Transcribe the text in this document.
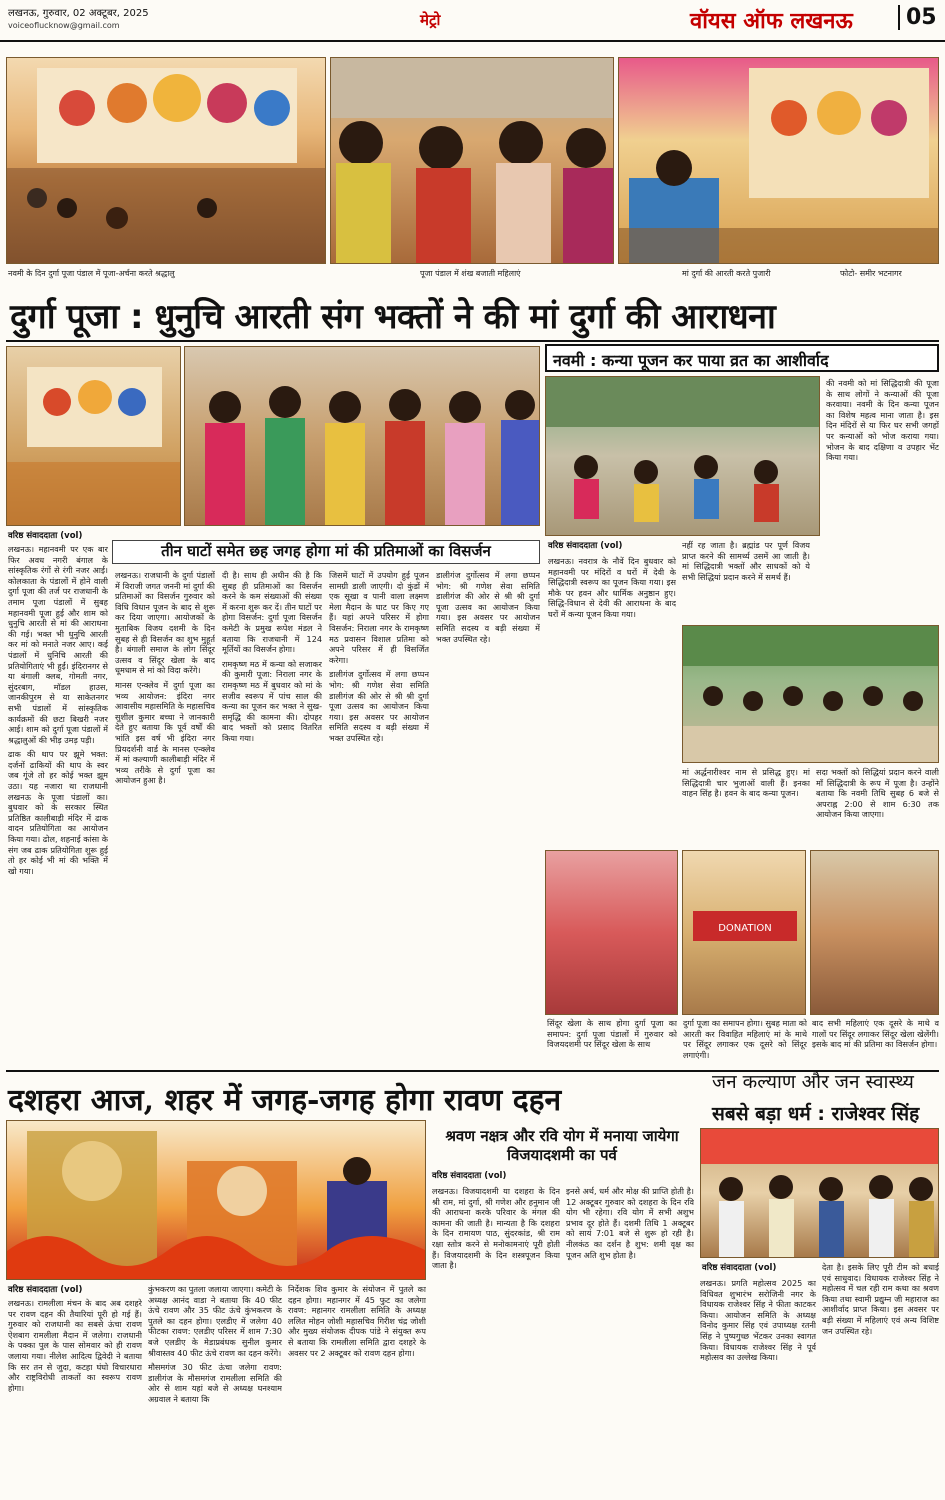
लखनऊ, गुरुवार, 02 अक्टूबर, 2025
voiceoflucknow@gmail.com	मेट्रो	वॉयस ऑफ लखनऊ	05
नवमी के दिन दुर्गा पूजा पंडाल में पूजा-अर्चना करते श्रद्धालु	पूजा पंडाल में शंख बजाती महिलाएं	मां दुर्गा की आरती करते पुजारी	फोटो- समीर भटनागर
दुर्गा पूजा : धुनुचि आरती संग भक्तों ने की मां दुर्गा की आराधना
वरिष्ठ संवाददाता (vol)
तीन घाटों समेत छह जगह होगा मां की प्रतिमाओं का विसर्जन

लखनऊ। महानवमी पर एक बार फिर अवध नगरी बंगाल के सांस्कृतिक रंगों से रंगी नजर आई। कोलकाता के पंडालों में होने वाली दुर्गा पूजा की तर्ज पर राजधानी के तमाम पूजा पंडालों में सुबह महानवमी पूजा हुई और शाम को धुनुचि आरती से मां की आराधना की गई। भक्त भी धुनुचि आरती कर मां को मनाते नजर आए। कई पंडालों में धुनिचि आरती की प्रतियोगिताएं भी हुईं। इंदिरानगर से या बंगाली क्लब, गोमती नगर, सुंदरबाग, मॉडल हाउस, जानकीपुरम से या साकेतनगर सभी पंडालों में सांस्कृतिक कार्यक्रमों की छटा बिखरी नजर आई। शाम को दुर्गा पूजा पंडालों में श्रद्धालुओं की भीड़ उमड़ पड़ी।

ढाक की थाप पर झूमे भक्त: दर्जनों ढाकियों की थाप के स्वर जब गूंजे तो हर कोई भक्त झूम उठा। यह नजारा था राजधानी लखनऊ के पूजा पंडालों का। बुधवार को के सरकार स्थित प्रतिष्ठित कालीबाड़ी मंदिर में ढाक वादन प्रतियोगिता का आयोजन किया गया। ढोल, शहनाई कांसा के संग जब ढाक प्रतियोगिता शुरू हुई तो हर कोई भी मां की भक्ति में खो गया।

लखनऊ। राजधानी के दुर्गा पंडालों में विराजी जगत जननी मां दुर्गा की प्रतिमाओं का विसर्जन गुरुवार को विधि विधान पूजन के बाद से शुरू कर दिया जाएगा। आयोजकों के मुताबिक विजय दशमी के दिन सुबह से ही विसर्जन का शुभ मुहूर्त है। बंगाली समाज के लोग सिंदूर उत्सव व सिंदूर खेला के बाद धूमधाम से मां को विदा करेंगे।

मानस एन्क्लेव में दुर्गा पूजा का भव्य आयोजन: इंदिरा नगर आवासीय महासमिति के महासचिव सुशील कुमार बच्चा ने जानकारी देते हुए बताया कि पूर्व वर्षों की भांति इस वर्ष भी इंदिरा नगर प्रियदर्शनी वार्ड के मानस एन्क्लेव में मां कल्याणी कालीबाड़ी मंदिर में भव्य तरीके से दुर्गा पूजा का आयोजन हुआ है।

दी है। साथ ही अधीन की है कि सुबह ही प्रतिमाओं का विसर्जन करने के कम संख्याओं की संख्या में करना शुरू कर दें। तीन घाटों पर होगा विसर्जन: दुर्गा पूजा विसर्जन कमेटी के प्रमुख रूपेश मंडल ने बताया कि राजधानी में 124 मूर्तियों का विसर्जन होगा।

रामकृष्ण मठ में कन्या को सजाकर की कुमारी पूजा: निराला नगर के रामकृष्ण मठ में बुधवार को मां के सजीव स्वरूप में पांच साल की कन्या का पूजन कर भक्त ने सुख-समृद्धि की कामना की। दोपहर बाद भक्तों को प्रसाद वितरित किया गया।

जिसमें घाटों में उपयोग हुई पूजन सामग्री डाली जाएगी। दो कुंडों में एक सूखा व पानी वाला लक्ष्मण मेला मैदान के घाट पर किए गए हैं। यहां अपने परिसर में होगा विसर्जन: निराला नगर के रामकृष्ण मठ प्रवासन विशाल प्रतिमा को अपने परिसर में ही विसर्जित करेगा।

डालीगंज दुर्गोत्सव में लगा छप्पन भोग: श्री गणेश सेवा समिति डालीगंज की ओर से श्री श्री दुर्गा पूजा उत्सव का आयोजन किया गया। इस अवसर पर आयोजन समिति सदस्य व बड़ी संख्या में भक्त उपस्थित रहे।

डालीगंज दुर्गोत्सव में लगा छप्पन भोग: श्री गणेश सेवा समिति डालीगंज की ओर से श्री श्री दुर्गा पूजा उत्सव का आयोजन किया गया। इस अवसर पर आयोजन समिति सदस्य व बड़ी संख्या में भक्त उपस्थित रहे।

नवमी : कन्या पूजन कर पाया व्रत का आशीर्वाद

की नवमी को मां सिद्धिदात्री की पूजा के साथ लोगों ने कन्याओं की पूजा करवाया। नवमी के दिन कन्या पूजन का विशेष महत्व माना जाता है। इस दिन मंदिरों से या फिर घर सभी जगहों पर कन्याओं को भोज कराया गया। भोजन के बाद दक्षिणा व उपहार भेंट किया गया।

वरिष्ठ संवाददाता (vol)

लखनऊ। नवरात्र के नौवें दिन बुधवार को महानवमी पर मंदिरों व घरों में देवी के सिद्धिदात्री स्वरूप का पूजन किया गया। इस मौके पर हवन और धार्मिक अनुष्ठान हुए। सिद्धि-विधान से देवी की आराधना के बाद घरों में कन्या पूजन किया गया।

नहीं रह जाता है। ब्रह्मांड पर पूर्ण विजय प्राप्त करने की सामर्थ्य उसमें आ जाती है। मां सिद्धिदात्री भक्तों और साधकों को ये सभी सिद्धियां प्रदान करने में समर्थ हैं।

मां अर्द्धनारीश्वर नाम से प्रसिद्ध हुए। मां सिद्धिदात्री चार भुजाओं वाली हैं। इनका वाहन सिंह है। हवन के बाद कन्या पूजन।

सदा भक्तों को सिद्धियां प्रदान करने वाली माँ सिद्धिदात्री के रूप में पूजा है। उन्होंने बताया कि नवमी तिथि सुबह 6 बजे से अपराह्न 2:00 से शाम 6:30 तक आयोजन किया जाएगा।

DONATION

सिंदूर खेला के साथ होगा दुर्गा पूजा का समापन: दुर्गा पूजा पंडालों में गुरुवार को विजयदशमी पर सिंदूर खेला के साथ

दुर्गा पूजा का समापन होगा। सुबह माता को आरती कर विवाहित महिलाएं मां के माथे पर सिंदूर लगाकर एक दूसरे को सिंदूर लगाएंगी।

बाद सभी महिलाएं एक दूसरे के माथे व गालों पर सिंदूर लगाकर सिंदूर खेला खेलेंगी। इसके बाद मां की प्रतिमा का विसर्जन होगा।

दशहरा आज, शहर में जगह-जगह होगा रावण दहन
वरिष्ठ संवाददाता (vol)

लखनऊ। रामलीला मंचन के बाद अब दशहरे पर रावण दहन की तैयारियां पूरी हो गई हैं। गुरुवार को राजधानी का सबसे ऊंचा रावण ऐशबाग रामलीला मैदान में जलेगा। राजधानी के पक्का पुल के पास सोमवार को ही रावण जलाया गया। नीलेश आदित्य द्विवेदी ने बताया कि सर तन से जुदा, कटहा घंघो विचारधारा और राष्ट्रविरोधी ताकतों का स्वरूप रावण होगा।

कुंभकरण का पुतला जलाया जाएगा। कमेटी के अध्यक्ष आनंद वाडा ने बताया कि 40 फीट ऊंचे रावण और 35 फीट ऊंचे कुंभकरण के पुतले का दहन होगा। एलडीए में जलेगा 40 फीटका रावण: एलडीए परिसर में शाम 7:30 बजे एलडीए के मेडाप्रबंधक सुनील कुमार श्रीवास्तव 40 फीट ऊंचे रावण का दहन करेंगे।

मौसमगंज 30 फीट ऊंचा जलेगा रावण: डालीगंज के मौसमगंज रामलीला समिति की ओर से शाम यहां बजे से अध्यक्ष घनश्याम अग्रवाल ने बताया कि

निर्देशक शिव कुमार के संयोजन में पुतले का दहन होगा। महानगर में 45 फुट का जलेगा रावण: महानगर रामलीला समिति के अध्यक्ष ललित मोहन जोशी महासचिव गिरीश चंद्र जोशी और मुख्य संयोजक दीपक पांडे ने संयुक्त रूप से बताया कि रामलीला समिति द्वारा दशहरे के अवसर पर 2 अक्टूबर को रावण दहन होगा।

श्रवण नक्षत्र और रवि योग में मनाया जायेगा विजयादशमी का पर्व
वरिष्ठ संवाददाता (vol)

लखनऊ। विजयादशमी या दशहरा के दिन श्री राम, मां दुर्गा, श्री गणेश और हनुमान जी की आराधना करके परिवार के मंगल की कामना की जाती है। मान्यता है कि दशहरा के दिन रामायण पाठ, सुंदरकांड, श्री राम रक्षा स्तोत्र करने से मनोकामनाएं पूरी होती हैं। विजयादशमी के दिन शस्त्रपूजन किया जाता है।

इनसे अर्थ, धर्म और मोक्ष की प्राप्ति होती है। 12 अक्टूबर गुरुवार को दशहरा के दिन रवि योग भी रहेगा। रवि योग में सभी अशुभ प्रभाव दूर होते हैं। दशमी तिथि 1 अक्टूबर को सायं 7:01 बजे से शुरू हो रही है। नीलकंठ का दर्शन है शुभ: शमी वृक्ष का पूजन अति शुभ होता है।

जन कल्याण और जन स्वास्थ्य
सबसे बड़ा धर्म : राजेश्वर सिंह
वरिष्ठ संवाददाता (vol)

लखनऊ। प्रगति महोत्सव 2025 का विधिवत शुभारंभ सरोजिनी नगर के विधायक राजेश्वर सिंह ने फीता काटकर किया। आयोजन समिति के अध्यक्ष विनोद कुमार सिंह एवं उपाध्यक्ष रतनी सिंह ने पुष्पगुच्छ भेंटकर उनका स्वागत किया। विधायक राजेश्वर सिंह ने पूर्व महोत्सव का उल्लेख किया।

देता है। इसके लिए पूरी टीम को बधाई एवं साधुवाद। विधायक राजेश्वर सिंह ने महोत्सव में चल रही राम कथा का श्रवण किया तथा स्वामी प्रद्युम्न जी महाराज का आशीर्वाद प्राप्त किया। इस अवसर पर बड़ी संख्या में महिलाएं एवं अन्य विशिष्ट जन उपस्थित रहे।
